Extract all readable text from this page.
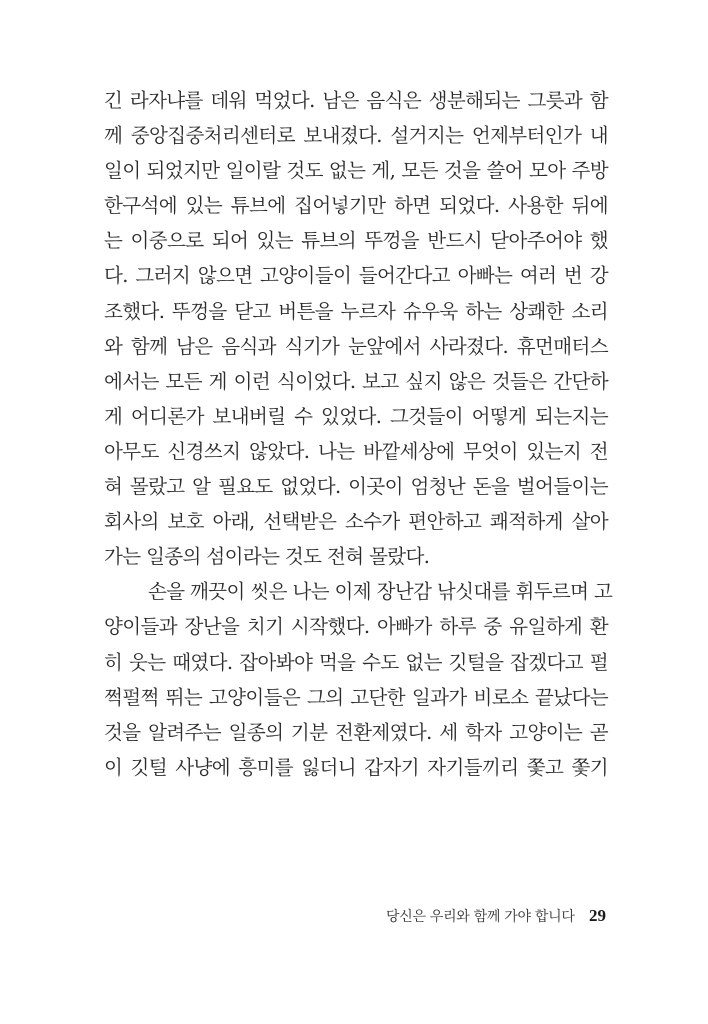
긴 라자냐를 데워 먹었다. 남은 음식은 생분해되는 그릇과 함
께 중앙집중처리센터로 보내졌다. 설거지는 언제부터인가 내
일이 되었지만 일이랄 것도 없는 게, 모든 것을 쓸어 모아 주방
한구석에 있는 튜브에 집어넣기만 하면 되었다. 사용한 뒤에
는 이중으로 되어 있는 튜브의 뚜껑을 반드시 닫아주어야 했
다. 그러지 않으면 고양이들이 들어간다고 아빠는 여러 번 강
조했다. 뚜껑을 닫고 버튼을 누르자 슈우욱 하는 상쾌한 소리
와 함께 남은 음식과 식기가 눈앞에서 사라졌다. 휴먼매터스
에서는 모든 게 이런 식이었다. 보고 싶지 않은 것들은 간단하
게 어디론가 보내버릴 수 있었다. 그것들이 어떻게 되는지는
아무도 신경쓰지 않았다. 나는 바깥세상에 무엇이 있는지 전
혀 몰랐고 알 필요도 없었다. 이곳이 엄청난 돈을 벌어들이는
회사의 보호 아래, 선택받은 소수가 편안하고 쾌적하게 살아
가는 일종의 섬이라는 것도 전혀 몰랐다.
손을 깨끗이 씻은 나는 이제 장난감 낚싯대를 휘두르며 고
양이들과 장난을 치기 시작했다. 아빠가 하루 중 유일하게 환
히 웃는 때였다. 잡아봐야 먹을 수도 없는 깃털을 잡겠다고 펄
쩍펄쩍 뛰는 고양이들은 그의 고단한 일과가 비로소 끝났다는
것을 알려주는 일종의 기분 전환제였다. 세 학자 고양이는 곧
이 깃털 사냥에 흥미를 잃더니 갑자기 자기들끼리 쫓고 쫓기
당신은 우리와 함께 가야 합니다 29
